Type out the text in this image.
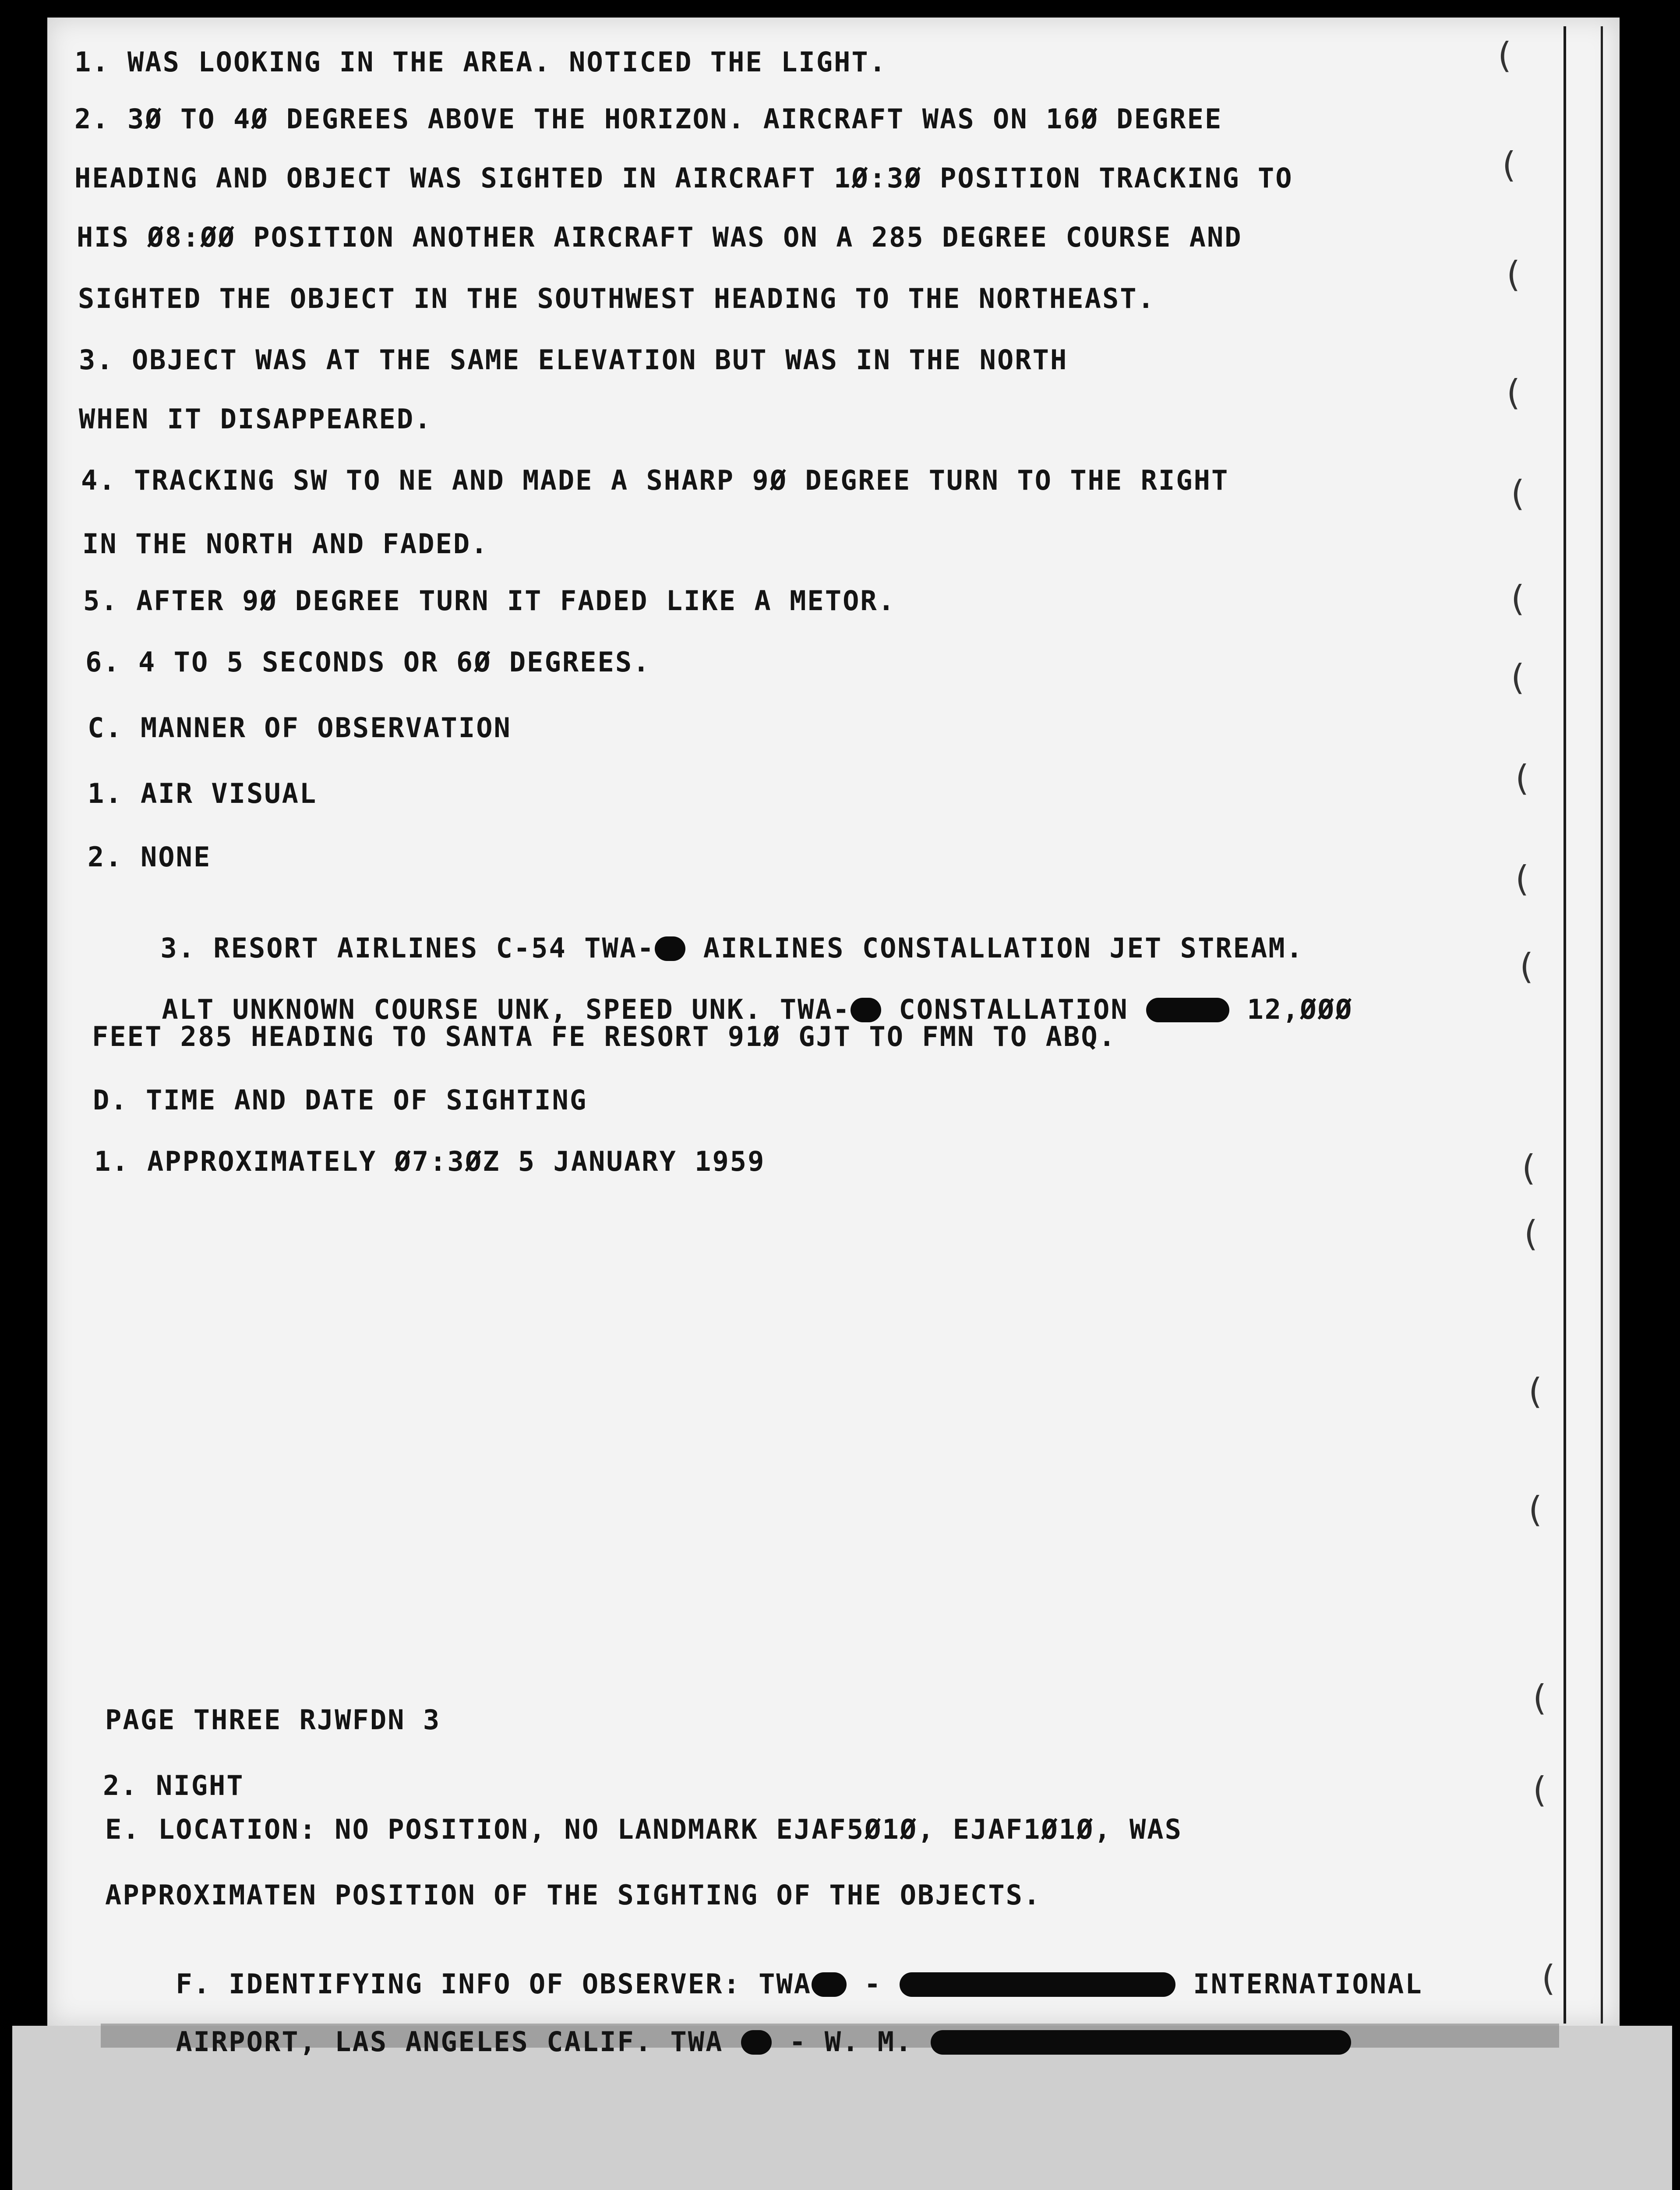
(
(
(
(
(
(
(
(
(
(
(
(
(
(
(
(
(
1. WAS LOOKING IN THE AREA. NOTICED THE LIGHT.
2. 3Ø TO 4Ø DEGREES ABOVE THE HORIZON. AIRCRAFT WAS ON 16Ø DEGREE
HEADING AND OBJECT WAS SIGHTED IN AIRCRAFT 1Ø:3Ø POSITION TRACKING TO
HIS Ø8:ØØ POSITION ANOTHER AIRCRAFT WAS ON A 285 DEGREE COURSE AND
SIGHTED THE OBJECT IN THE SOUTHWEST HEADING TO THE NORTHEAST.
3. OBJECT WAS AT THE SAME ELEVATION BUT WAS IN THE NORTH
WHEN IT DISAPPEARED.
4. TRACKING SW TO NE AND MADE A SHARP 9Ø DEGREE TURN TO THE RIGHT
IN THE NORTH AND FADED.
5. AFTER 9Ø DEGREE TURN IT FADED LIKE A METOR.
6. 4 TO 5 SECONDS OR 6Ø DEGREES.
C. MANNER OF OBSERVATION
1. AIR VISUAL
2. NONE

3. RESORT AIRLINES C-54 TWA- AIRLINES CONSTALLATION JET STREAM.

ALT UNKNOWN COURSE UNK, SPEED UNK. TWA- CONSTALLATION	12,ØØØ

FEET 285 HEADING TO SANTA FE RESORT 91Ø GJT TO FMN TO ABQ.
D. TIME AND DATE OF SIGHTING
1. APPROXIMATELY Ø7:3ØZ 5 JANUARY 1959
PAGE THREE RJWFDN 3
2. NIGHT
E. LOCATION: NO POSITION, NO LANDMARK EJAF5Ø1Ø, EJAF1Ø1Ø, WAS
APPROXIMATEN POSITION OF THE SIGHTING OF THE OBJECTS.

F. IDENTIFYING INFO OF OBSERVER: TWA -	INTERNATIONAL

AIRPORT, LAS ANGELES CALIF. TWA  - W. M.
